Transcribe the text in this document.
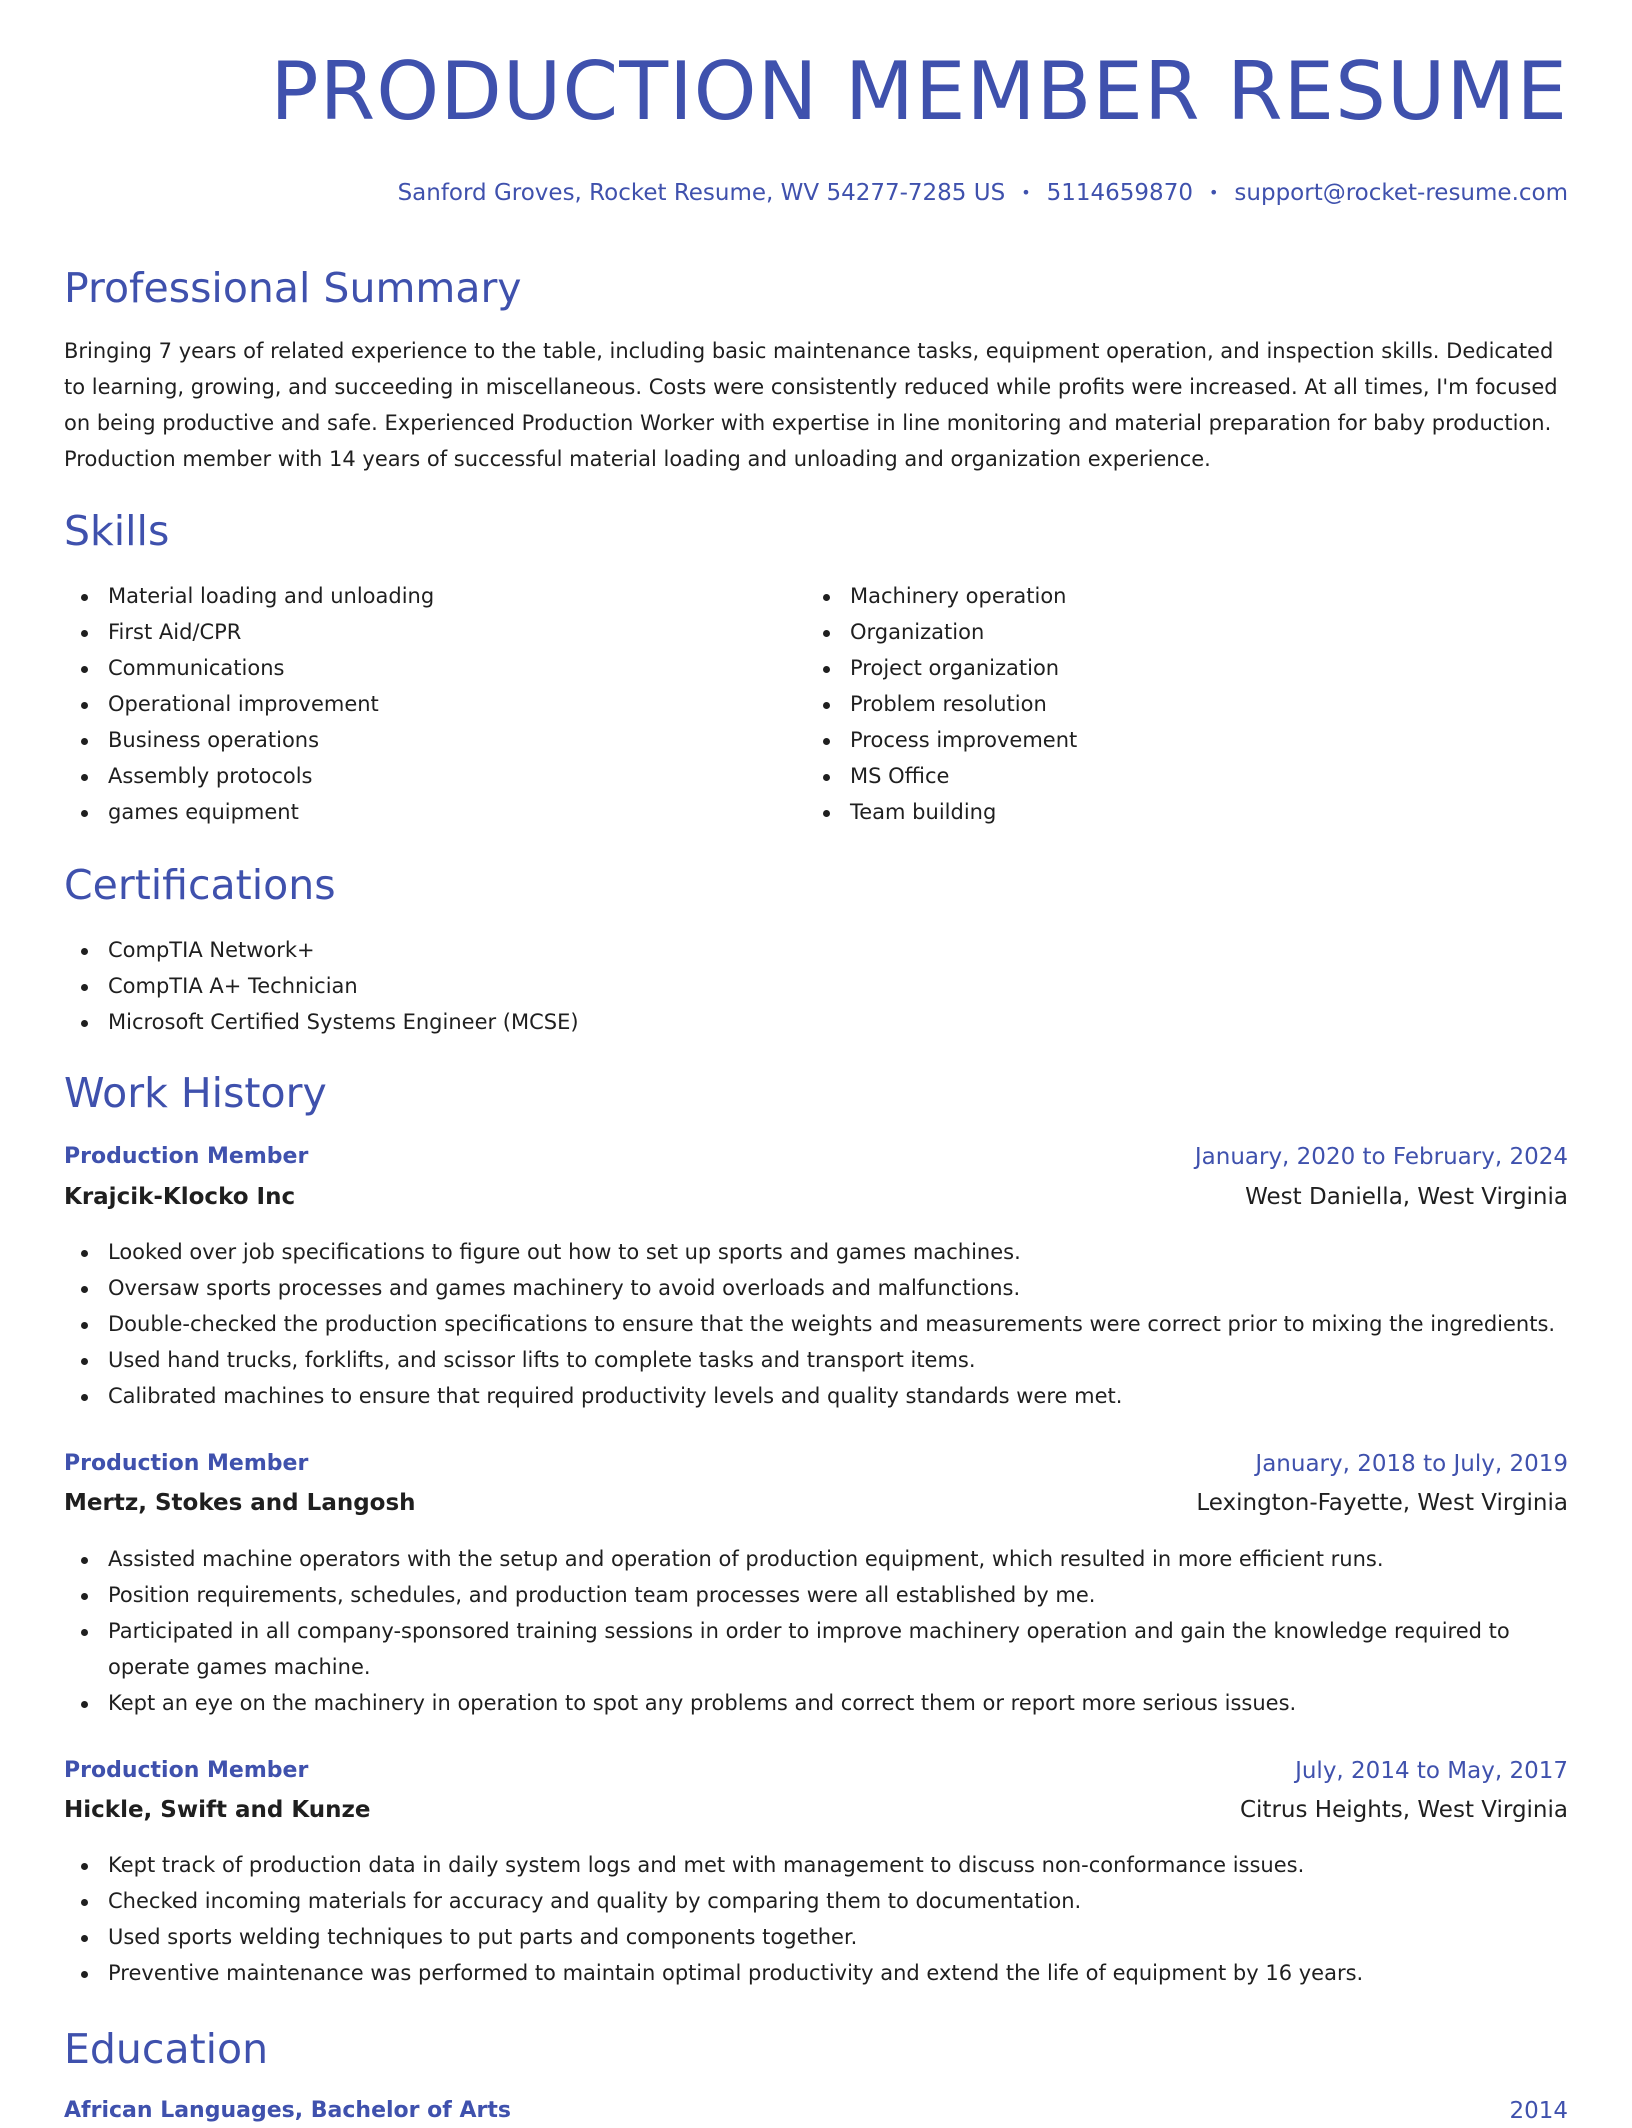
PRODUCTION MEMBER RESUME
Sanford Groves, Rocket Resume, WV 54277-7285 US • 5114659870 • support@rocket-resume.com
Professional Summary
Bringing 7 years of related experience to the table, including basic maintenance tasks, equipment operation, and inspection skills. Dedicated
to learning, growing, and succeeding in miscellaneous. Costs were consistently reduced while profits were increased. At all times, I'm focused
on being productive and safe. Experienced Production Worker with expertise in line monitoring and material preparation for baby production.
Production member with 14 years of successful material loading and unloading and organization experience.
Skills
Material loading and unloading
First Aid/CPR
Communications
Operational improvement
Business operations
Assembly protocols
games equipment
Machinery operation
Organization
Project organization
Problem resolution
Process improvement
MS Office
Team building
Certifications
CompTIA Network+
CompTIA A+ Technician
Microsoft Certified Systems Engineer (MCSE)
Work History
Production Member	January, 2020 to February, 2024
Krajcik-Klocko Inc	West Daniella, West Virginia
Looked over job specifications to figure out how to set up sports and games machines.
Oversaw sports processes and games machinery to avoid overloads and malfunctions.
Double-checked the production specifications to ensure that the weights and measurements were correct prior to mixing the ingredients.
Used hand trucks, forklifts, and scissor lifts to complete tasks and transport items.
Calibrated machines to ensure that required productivity levels and quality standards were met.
Production Member	January, 2018 to July, 2019
Mertz, Stokes and Langosh	Lexington-Fayette, West Virginia
Assisted machine operators with the setup and operation of production equipment, which resulted in more efficient runs.
Position requirements, schedules, and production team processes were all established by me.
Participated in all company-sponsored training sessions in order to improve machinery operation and gain the knowledge required to
operate games machine.
Kept an eye on the machinery in operation to spot any problems and correct them or report more serious issues.
Production Member	July, 2014 to May, 2017
Hickle, Swift and Kunze	Citrus Heights, West Virginia
Kept track of production data in daily system logs and met with management to discuss non-conformance issues.
Checked incoming materials for accuracy and quality by comparing them to documentation.
Used sports welding techniques to put parts and components together.
Preventive maintenance was performed to maintain optimal productivity and extend the life of equipment by 16 years.
Education
African Languages, Bachelor of Arts	2014
